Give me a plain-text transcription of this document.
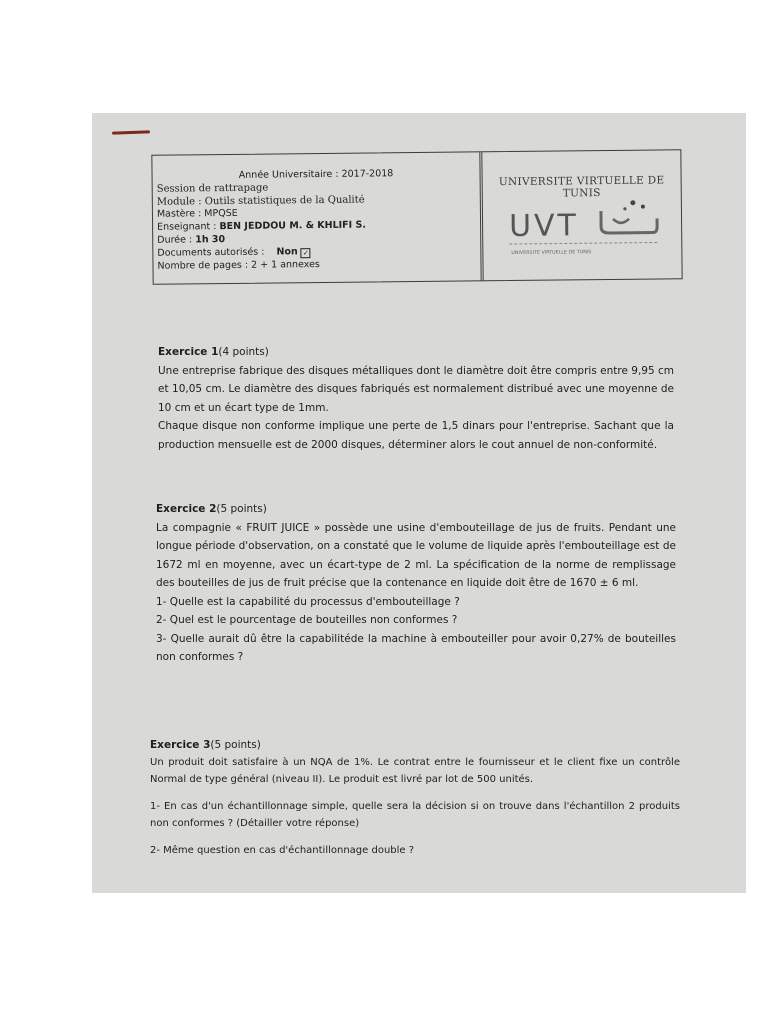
Année Universitaire : 2017-2018
Session de rattrapage
Module : Outils statistiques de la Qualité
Mastère : MPQSE
Enseignant : BEN JEDDOU M. & KHLIFI S.
Durée : 1h 30
Documents autorisés : Non ✓
Nombre de pages : 2 + 1 annexes
UNIVERSITE VIRTUELLE DE TUNIS
UVT
UNIVERSITE VIRTUELLE DE TUNIS
Exercice 1(4 points)

Une entreprise fabrique des disques métalliques dont le diamètre doit être compris entre 9,95 cm et 10,05 cm. Le diamètre des disques fabriqués est normalement distribué avec une moyenne de 10 cm et un écart type de 1mm.

Chaque disque non conforme implique une perte de 1,5 dinars pour l'entreprise. Sachant que la production mensuelle est de 2000 disques, déterminer alors le cout annuel de non-conformité.

Exercice 2(5 points)

La compagnie « FRUIT JUICE » possède une usine d'embouteillage de jus de fruits. Pendant une longue période d'observation, on a constaté que le volume de liquide après l'embouteillage est de 1672 ml en moyenne, avec un écart-type de 2 ml. La spécification de la norme de remplissage des bouteilles de jus de fruit précise que la contenance en liquide doit être de 1670 ± 6 ml.

1- Quelle est la capabilité du processus d'embouteillage ?

2- Quel est le pourcentage de bouteilles non conformes ?

3- Quelle aurait dû être la capabilitéde la machine à embouteiller pour avoir 0,27% de bouteilles non conformes ?

Exercice 3(5 points)

Un produit doit satisfaire à un NQA de 1%. Le contrat entre le fournisseur et le client fixe un contrôle Normal de type général (niveau II). Le produit est livré par lot de 500 unités.

1- En cas d'un échantillonnage simple, quelle sera la décision si on trouve dans l'échantillon 2 produits non conformes ? (Détailler votre réponse)

2- Même question en cas d'échantillonnage double ?
